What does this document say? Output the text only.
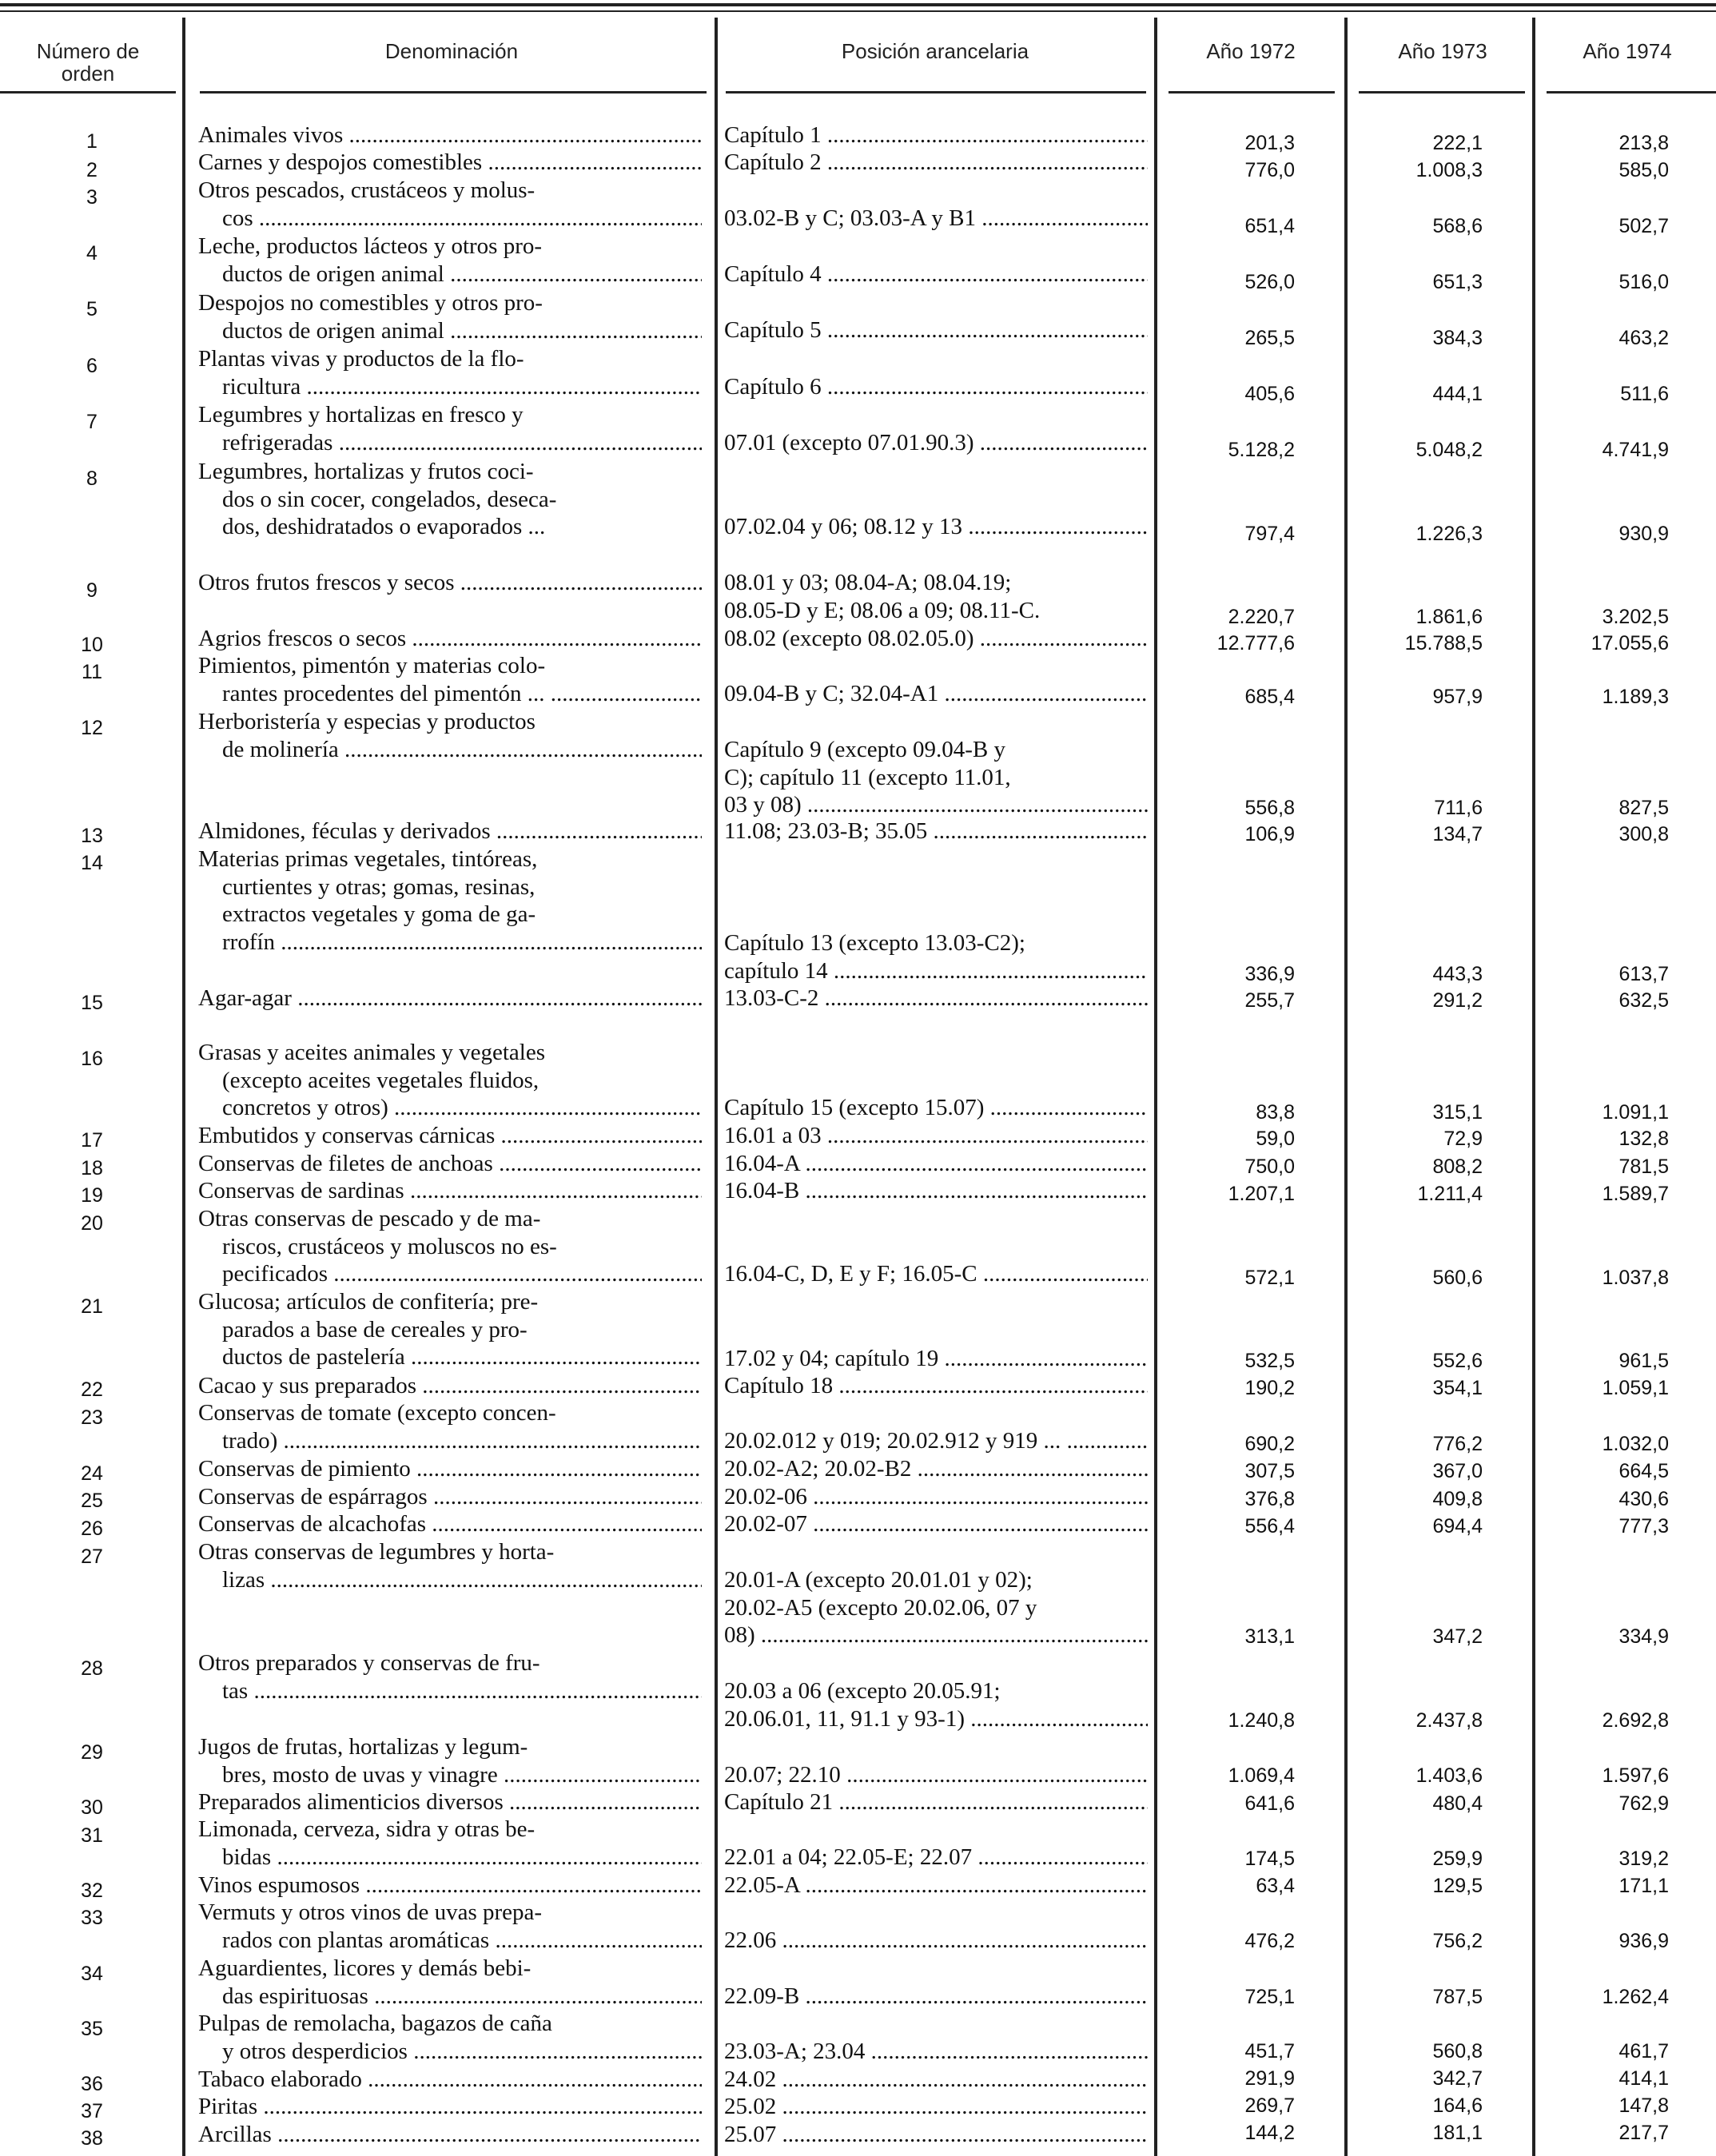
Número de orden
Denominación	Posición arancelaria	Año 1972	Año 1973	Año 1974
1	Animales vivos .....	Capítulo 1 .....	201,3	222,1	213,8
2	Carnes y despojos comestibles .....	Capítulo 2 .....	776,0	1.008,3	585,0
3	Otros pescados, crustáceos y molus-
cos .....	03.02-B y C; 03.03-A y B1 .....	651,4	568,6	502,7
4	Leche, productos lácteos y otros pro-
ductos de origen animal .....	Capítulo 4 .....	526,0	651,3	516,0
5	Despojos no comestibles y otros pro-
ductos de origen animal .....	Capítulo 5 .....	265,5	384,3	463,2
6	Plantas vivas y productos de la flo-
ricultura .....	Capítulo 6 .....	405,6	444,1	511,6
7	Legumbres y hortalizas en fresco y
refrigeradas .....	07.01 (excepto 07.01.90.3) .....	5.128,2	5.048,2	4.741,9
8	Legumbres, hortalizas y frutos coci-
dos o sin cocer, congelados, deseca-
dos, deshidratados o evaporados ...	07.02.04 y 06; 08.12 y 13 .....	797,4	1.226,3	930,9
9	Otros frutos frescos y secos .....	08.01 y 03; 08.04-A; 08.04.19;
08.05-D y E; 08.06 a 09; 08.11-C.	2.220,7	1.861,6	3.202,5
10	Agrios frescos o secos .....	08.02 (excepto 08.02.05.0) .....	12.777,6	15.788,5	17.055,6
11	Pimientos, pimentón y materias colo-
rantes procedentes del pimentón ... .....	09.04-B y C; 32.04-A1 .....	685,4	957,9	1.189,3
12	Herboristería y especias y productos
de molinería .....	Capítulo 9 (excepto 09.04-B y
C); capítulo 11 (excepto 11.01,
03 y 08) .....	556,8	711,6	827,5
13	Almidones, féculas y derivados .....	11.08; 23.03-B; 35.05 .....	106,9	134,7	300,8
14	Materias primas vegetales, tintóreas,
curtientes y otras; gomas, resinas,
extractos vegetales y goma de ga-
rrofín .....	Capítulo 13 (excepto 13.03-C2);
capítulo 14 .....	336,9	443,3	613,7
15	Agar-agar .....	13.03-C-2 .....	255,7	291,2	632,5
16	Grasas y aceites animales y vegetales
(excepto aceites vegetales fluidos,
concretos y otros) .....	Capítulo 15 (excepto 15.07) .....	83,8	315,1	1.091,1
17	Embutidos y conservas cárnicas .....	16.01 a 03 .....	59,0	72,9	132,8
18	Conservas de filetes de anchoas .....	16.04-A .....	750,0	808,2	781,5
19	Conservas de sardinas .....	16.04-B .....	1.207,1	1.211,4	1.589,7
20	Otras conservas de pescado y de ma-
riscos, crustáceos y moluscos no es-
pecificados .....	16.04-C, D, E y F; 16.05-C .....	572,1	560,6	1.037,8
21	Glucosa; artículos de confitería; pre-
parados a base de cereales y pro-
ductos de pastelería .....	17.02 y 04; capítulo 19 .....	532,5	552,6	961,5
22	Cacao y sus preparados .....	Capítulo 18 .....	190,2	354,1	1.059,1
23	Conservas de tomate (excepto concen-
trado) .....	20.02.012 y 019; 20.02.912 y 919 ... .....	690,2	776,2	1.032,0
24	Conservas de pimiento .....	20.02-A2; 20.02-B2 .....	307,5	367,0	664,5
25	Conservas de espárragos .....	20.02-06 .....	376,8	409,8	430,6
26	Conservas de alcachofas .....	20.02-07 .....	556,4	694,4	777,3
27	Otras conservas de legumbres y horta-
lizas .....	20.01-A (excepto 20.01.01 y 02);
20.02-A5 (excepto 20.02.06, 07 y
08) .....	313,1	347,2	334,9
28	Otros preparados y conservas de fru-
tas .....	20.03 a 06 (excepto 20.05.91;
20.06.01, 11, 91.1 y 93-1) .....	1.240,8	2.437,8	2.692,8
29	Jugos de frutas, hortalizas y legum-
bres, mosto de uvas y vinagre .....	20.07; 22.10 .....	1.069,4	1.403,6	1.597,6
30	Preparados alimenticios diversos .....	Capítulo 21 .....	641,6	480,4	762,9
31	Limonada, cerveza, sidra y otras be-
bidas .....	22.01 a 04; 22.05-E; 22.07 .....	174,5	259,9	319,2
32	Vinos espumosos .....	22.05-A .....	63,4	129,5	171,1
33	Vermuts y otros vinos de uvas prepa-
rados con plantas aromáticas .....	22.06 .....	476,2	756,2	936,9
34	Aguardientes, licores y demás bebi-
das espirituosas .....	22.09-B .....	725,1	787,5	1.262,4
35	Pulpas de remolacha, bagazos de caña
y otros desperdicios .....	23.03-A; 23.04 .....	451,7	560,8	461,7
36	Tabaco elaborado .....	24.02 .....	291,9	342,7	414,1
37	Piritas .....	25.02 .....	269,7	164,6	147,8
38	Arcillas .....	25.07 .....	144,2	181,1	217,7
